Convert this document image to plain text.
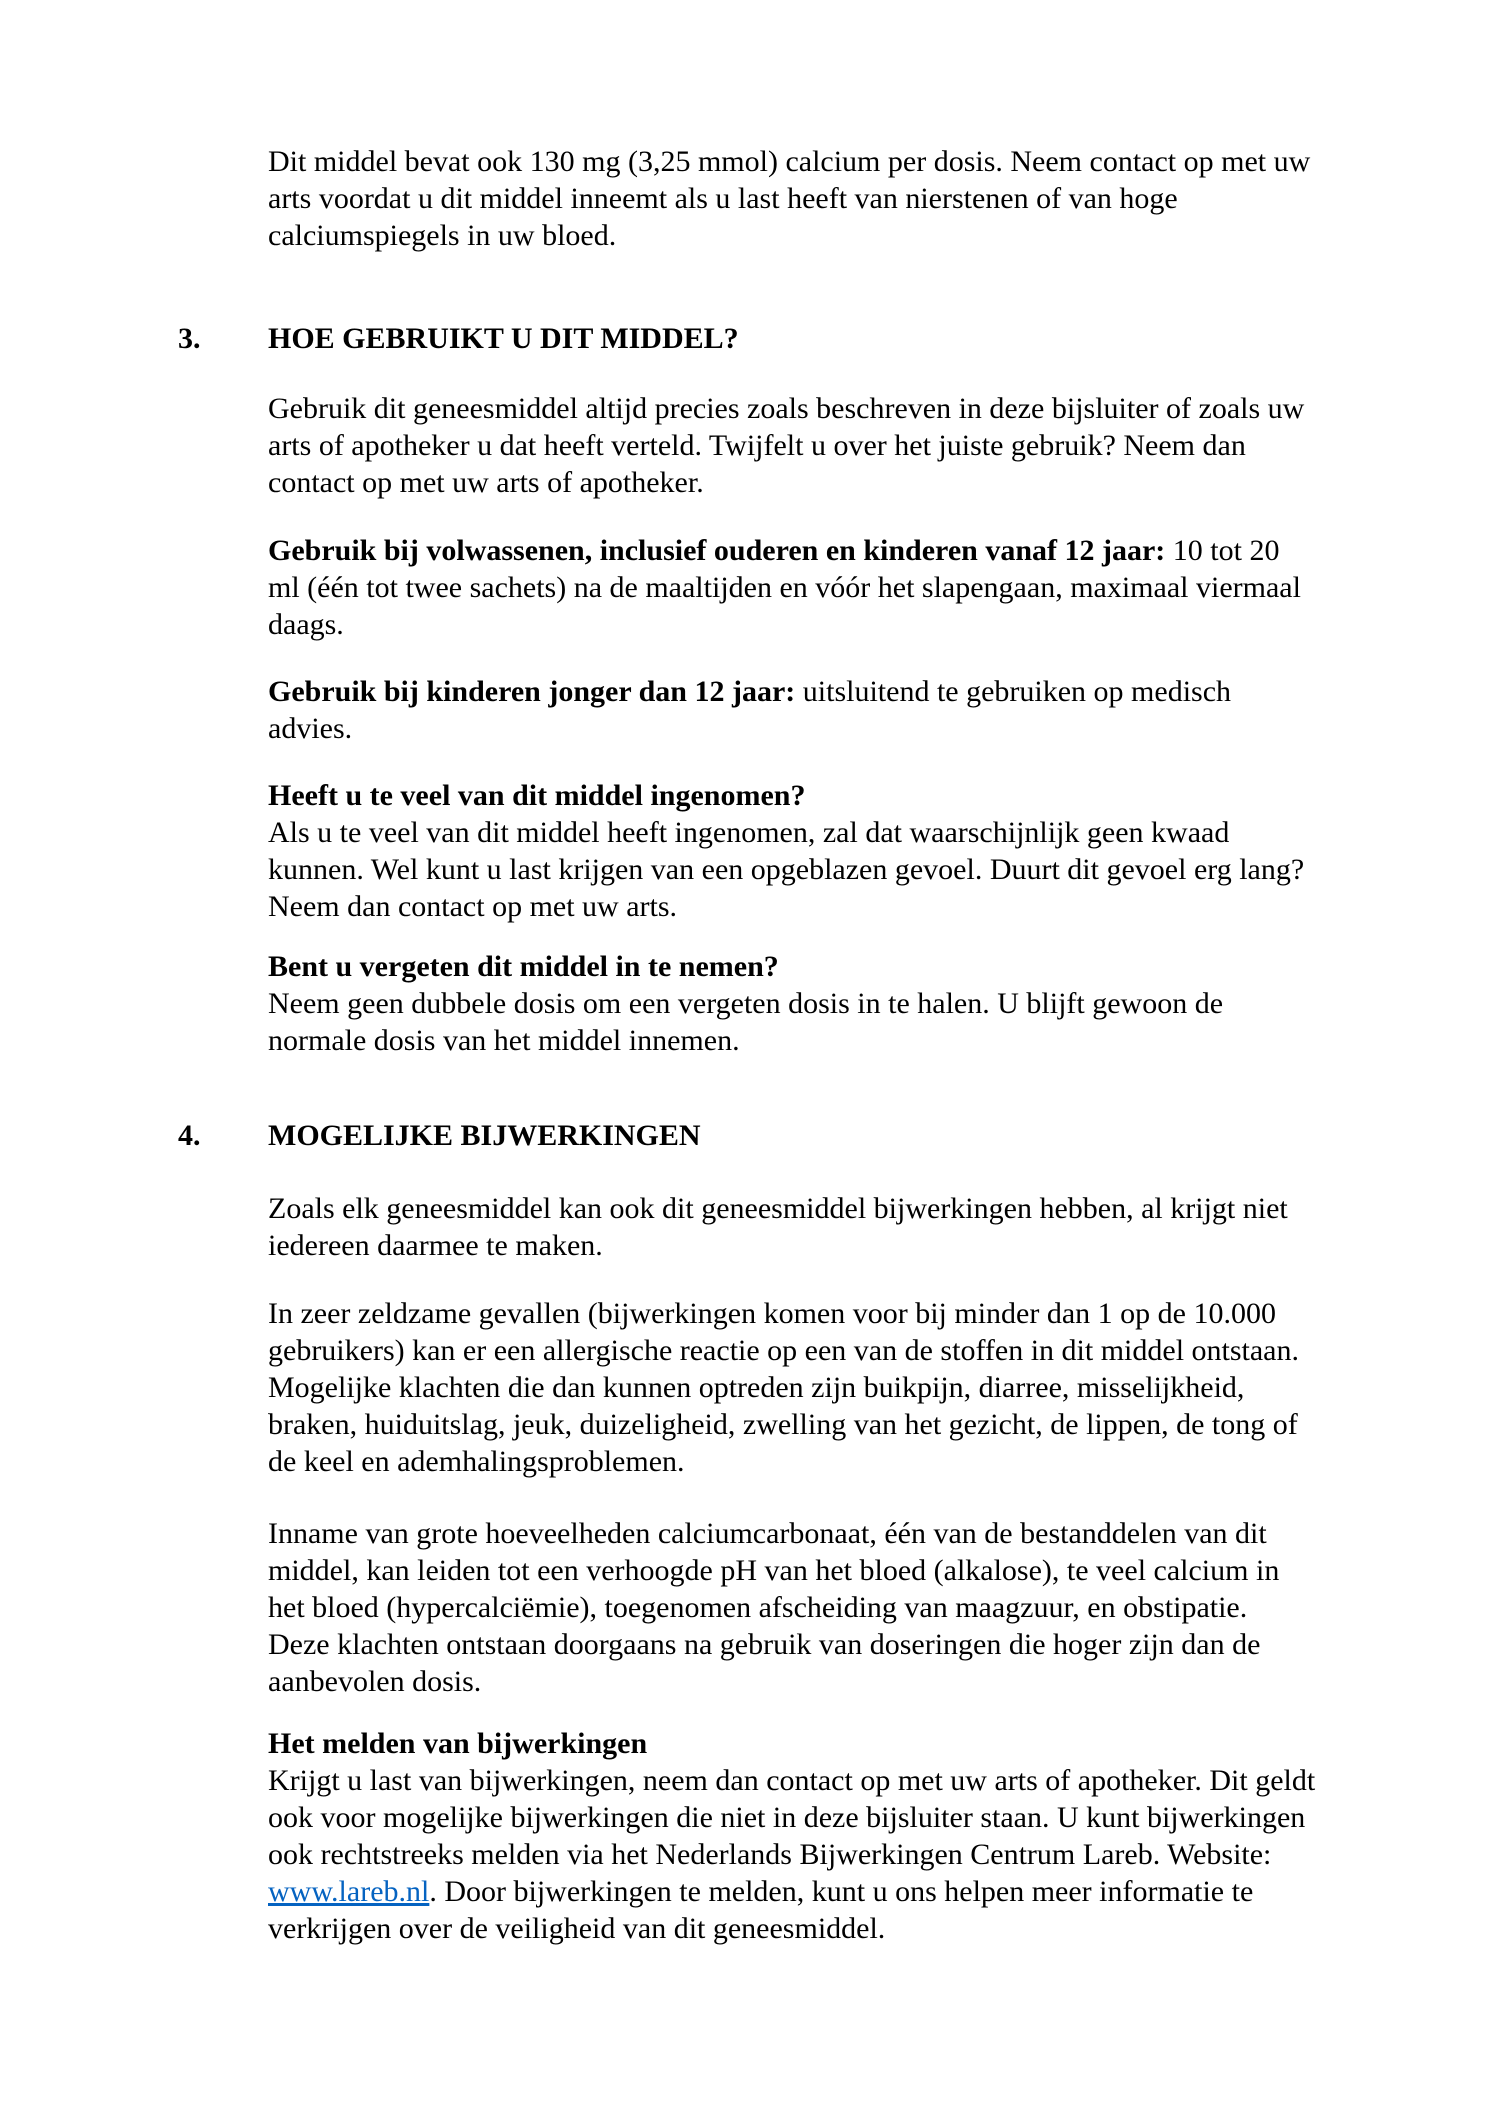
Dit middel bevat ook 130 mg (3,25 mmol) calcium per dosis. Neem contact op met uw arts voordat u dit middel inneemt als u last heeft van nierstenen of van hoge calciumspiegels in uw bloed.

3.	HOE GEBRUIKT U DIT MIDDEL?

Gebruik dit geneesmiddel altijd precies zoals beschreven in deze bijsluiter of zoals uw arts of apotheker u dat heeft verteld. Twijfelt u over het juiste gebruik? Neem dan contact op met uw arts of apotheker.

Gebruik bij volwassenen, inclusief ouderen en kinderen vanaf 12 jaar: 10 tot 20 ml (één tot twee sachets) na de maaltijden en vóór het slapengaan, maximaal viermaal daags.

Gebruik bij kinderen jonger dan 12 jaar: uitsluitend te gebruiken op medisch advies.

Heeft u te veel van dit middel ingenomen?
Als u te veel van dit middel heeft ingenomen, zal dat waarschijnlijk geen kwaad kunnen. Wel kunt u last krijgen van een opgeblazen gevoel. Duurt dit gevoel erg lang? Neem dan contact op met uw arts.
Bent u vergeten dit middel in te nemen?
Neem geen dubbele dosis om een vergeten dosis in te halen. U blijft gewoon de normale dosis van het middel innemen.
4.	MOGELIJKE BIJWERKINGEN

Zoals elk geneesmiddel kan ook dit geneesmiddel bijwerkingen hebben, al krijgt niet iedereen daarmee te maken.

In zeer zeldzame gevallen (bijwerkingen komen voor bij minder dan 1 op de 10.000 gebruikers) kan er een allergische reactie op een van de stoffen in dit middel ontstaan. Mogelijke klachten die dan kunnen optreden zijn buikpijn, diarree, misselijkheid, braken, huiduitslag, jeuk, duizeligheid, zwelling van het gezicht, de lippen, de tong of de keel en ademhalingsproblemen.

Inname van grote hoeveelheden calciumcarbonaat, één van de bestanddelen van dit middel, kan leiden tot een verhoogde pH van het bloed (alkalose), te veel calcium in het bloed (hypercalciëmie), toegenomen afscheiding van maagzuur, en obstipatie. Deze klachten ontstaan doorgaans na gebruik van doseringen die hoger zijn dan de aanbevolen dosis.

Het melden van bijwerkingen
Krijgt u last van bijwerkingen, neem dan contact op met uw arts of apotheker. Dit geldt ook voor mogelijke bijwerkingen die niet in deze bijsluiter staan. U kunt bijwerkingen ook rechtstreeks melden via het Nederlands Bijwerkingen Centrum Lareb. Website: www.lareb.nl. Door bijwerkingen te melden, kunt u ons helpen meer informatie te verkrijgen over de veiligheid van dit geneesmiddel.
